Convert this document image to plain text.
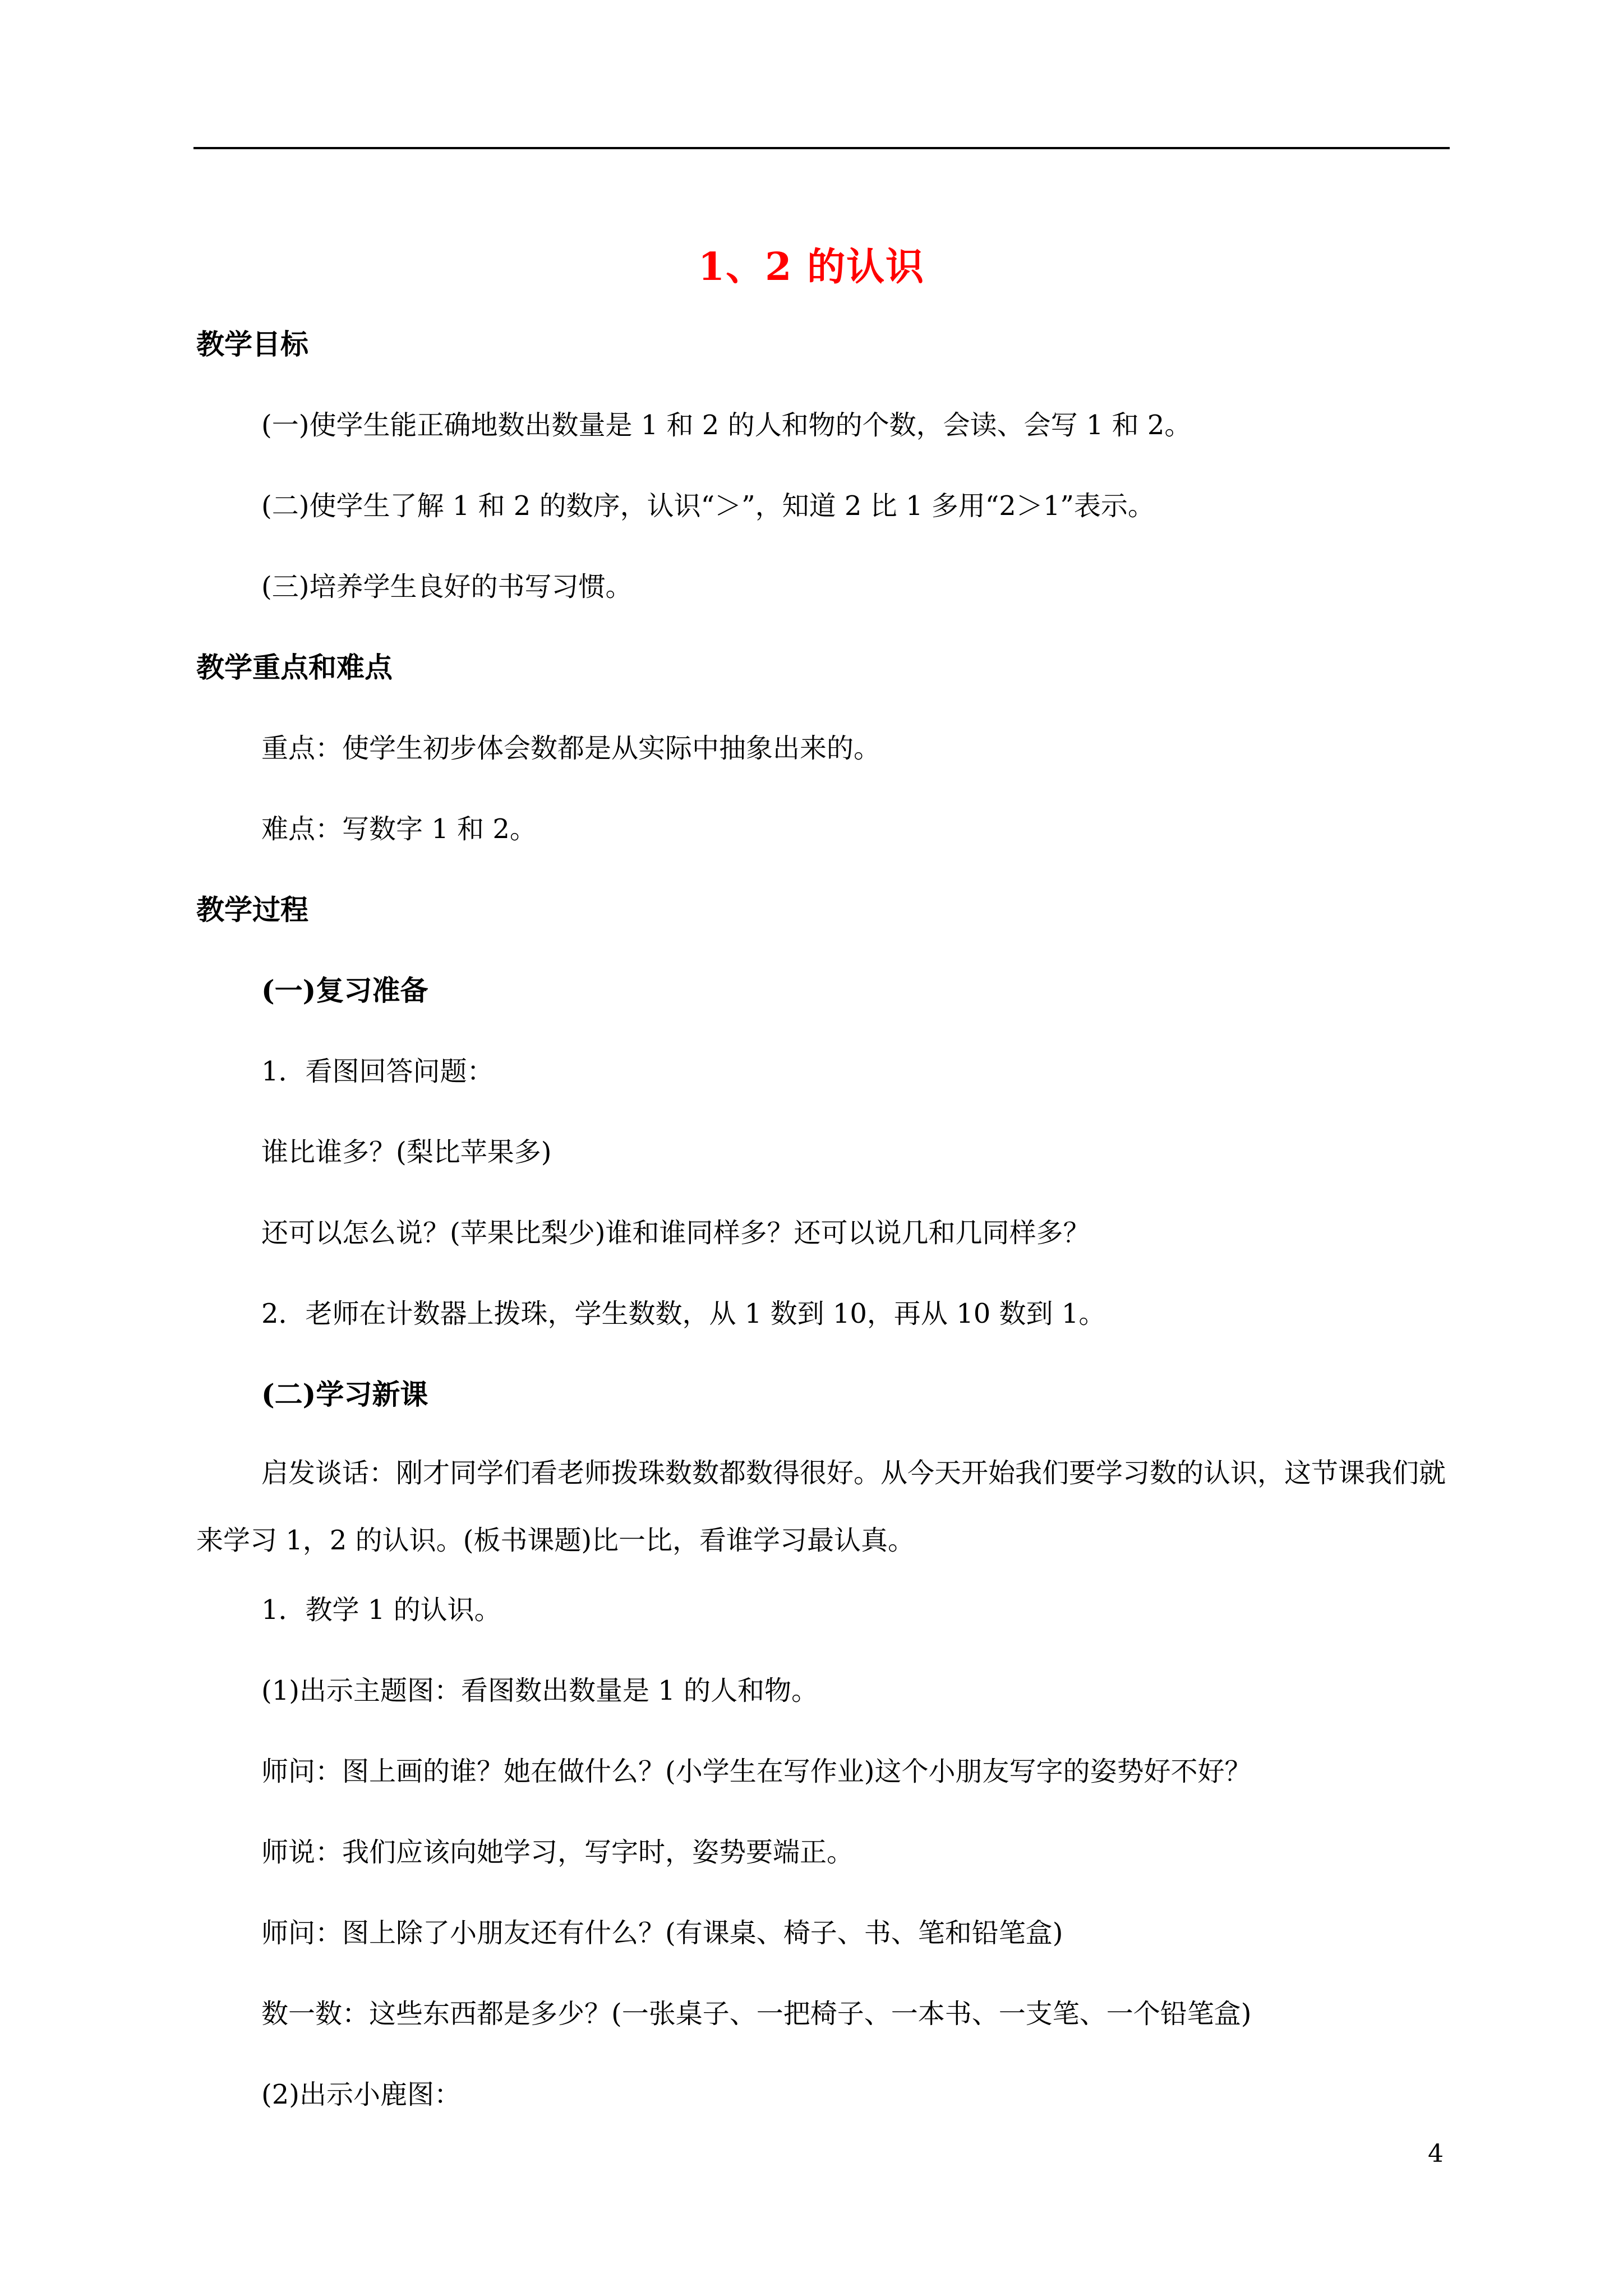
1、2 的认识
教学目标
(一)使学生能正确地数出数量是 1 和 2 的人和物的个数，会读、会写 1 和 2。
(二)使学生了解 1 和 2 的数序，认识“＞”，知道 2 比 1 多用“2＞1”表示。
(三)培养学生良好的书写习惯。
教学重点和难点
重点：使学生初步体会数都是从实际中抽象出来的。
难点：写数字 1 和 2。
教学过程
(一)复习准备
1．看图回答问题：
谁比谁多？(梨比苹果多)
还可以怎么说？(苹果比梨少)谁和谁同样多？还可以说几和几同样多？
2．老师在计数器上拨珠，学生数数，从 1 数到 10，再从 10 数到 1。
(二)学习新课
启发谈话：刚才同学们看老师拨珠数数都数得很好。从今天开始我们要学习数的认识，这节课我们就来学习 1，2 的认识。(板书课题)比一比，看谁学习最认真。
1．教学 1 的认识。
(1)出示主题图：看图数出数量是 1 的人和物。
师问：图上画的谁？她在做什么？(小学生在写作业)这个小朋友写字的姿势好不好？
师说：我们应该向她学习，写字时，姿势要端正。
师问：图上除了小朋友还有什么？(有课桌、椅子、书、笔和铅笔盒)
数一数：这些东西都是多少？(一张桌子、一把椅子、一本书、一支笔、一个铅笔盒)
(2)出示小鹿图：
4
